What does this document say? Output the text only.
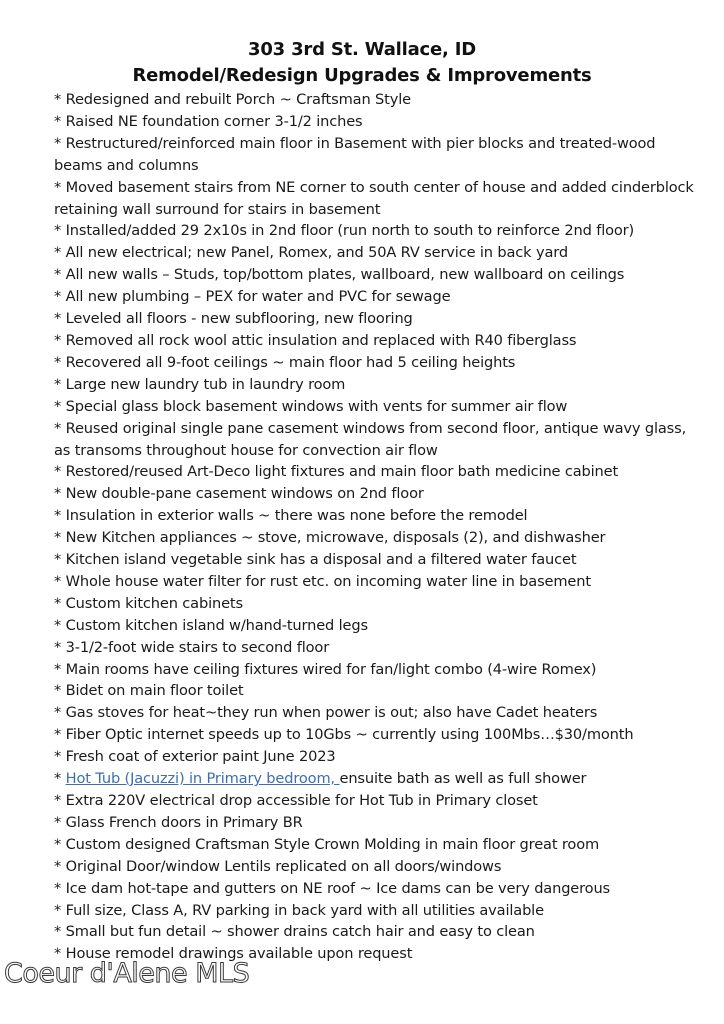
303 3rd St. Wallace, ID
Remodel/Redesign Upgrades & Improvements
* Redesigned and rebuilt Porch ~ Craftsman Style
* Raised NE foundation corner 3-1/2 inches
* Restructured/reinforced main floor in Basement with pier blocks and treated-wood beams and columns
* Moved basement stairs from NE corner to south center of house and added cinderblock retaining wall surround for stairs in basement
* Installed/added 29 2x10s in 2nd floor (run north to south to reinforce 2nd floor)
* All new electrical; new Panel, Romex, and 50A RV service in back yard
* All new walls – Studs, top/bottom plates, wallboard, new wallboard on ceilings
* All new plumbing – PEX for water and PVC for sewage
* Leveled all floors - new subflooring, new flooring
* Removed all rock wool attic insulation and replaced with R40 fiberglass
* Recovered all 9-foot ceilings ~ main floor had 5 ceiling heights
* Large new laundry tub in laundry room
* Special glass block basement windows with vents for summer air flow
* Reused original single pane casement windows from second floor, antique wavy glass, as transoms throughout house for convection air flow
* Restored/reused Art-Deco light fixtures and main floor bath medicine cabinet
* New double-pane casement windows on 2nd floor
* Insulation in exterior walls ~ there was none before the remodel
* New Kitchen appliances ~ stove, microwave, disposals (2), and dishwasher
* Kitchen island vegetable sink has a disposal and a filtered water faucet
* Whole house water filter for rust etc. on incoming water line in basement
* Custom kitchen cabinets
* Custom kitchen island w/hand-turned legs
* 3-1/2-foot wide stairs to second floor
* Main rooms have ceiling fixtures wired for fan/light combo (4-wire Romex)
* Bidet on main floor toilet
* Gas stoves for heat~they run when power is out; also have Cadet heaters
* Fiber Optic internet speeds up to 10Gbs ~ currently using 100Mbs…$30/month
* Fresh coat of exterior paint June 2023
* Hot Tub (Jacuzzi) in Primary bedroom, ensuite bath as well as full shower
* Extra 220V electrical drop accessible for Hot Tub in Primary closet
* Glass French doors in Primary BR
* Custom designed Craftsman Style Crown Molding in main floor great room
* Original Door/window Lentils replicated on all doors/windows
* Ice dam hot-tape and gutters on NE roof ~ Ice dams can be very dangerous
* Full size, Class A, RV parking in back yard with all utilities available
* Small but fun detail ~ shower drains catch hair and easy to clean
* House remodel drawings available upon request
Coeur d'Alene MLS
